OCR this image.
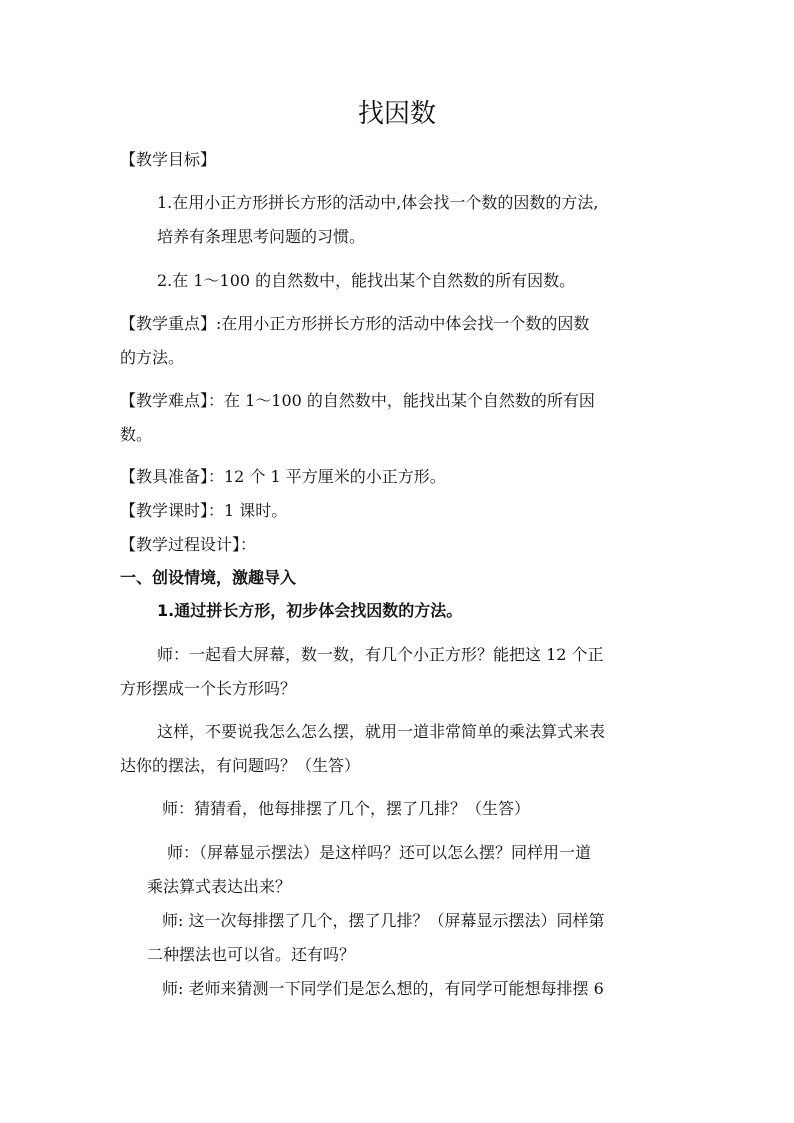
找因数
【教学目标】
1.在用小正方形拼长方形的活动中,体会找一个数的因数的方法,
培养有条理思考问题的习惯。
2.在 1～100 的自然数中，能找出某个自然数的所有因数。
【教学重点】:在用小正方形拼长方形的活动中体会找一个数的因数
的方法。
【教学难点】：在 1～100 的自然数中，能找出某个自然数的所有因
数。
【教具准备】：12 个 1 平方厘米的小正方形。
【教学课时】：1 课时。
【教学过程设计】：
一、创设情境，激趣导入
1.通过拼长方形，初步体会找因数的方法。
师：一起看大屏幕，数一数，有几个小正方形？能把这 12 个正
方形摆成一个长方形吗？
这样，不要说我怎么怎么摆，就用一道非常简单的乘法算式来表
达你的摆法，有问题吗？（生答）
师：猜猜看，他每排摆了几个，摆了几排？（生答）
师：（屏幕显示摆法）是这样吗？还可以怎么摆？同样用一道
乘法算式表达出来？
师: 这一次每排摆了几个，摆了几排？（屏幕显示摆法）同样第
二种摆法也可以省。还有吗？
师: 老师来猜测一下同学们是怎么想的，有同学可能想每排摆 6
